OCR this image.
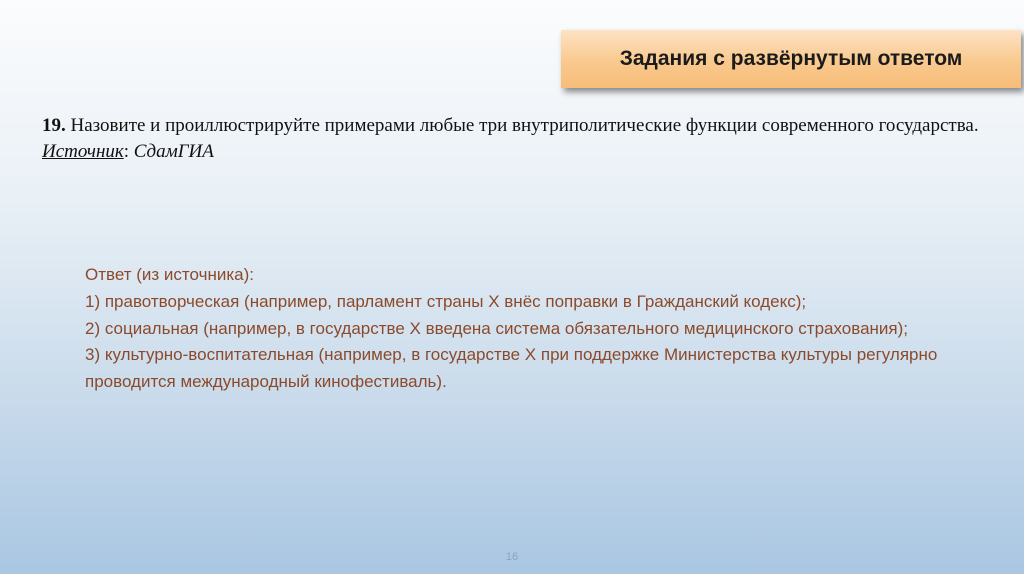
Задания с развёрнутым ответом
19. Назовите и проиллюстрируйте примерами любые три внутриполитические функции современного государства.
Источник: СдамГИА
Ответ (из источника):
1) правотворческая (например, парламент страны Х внёс поправки в Гражданский кодекс);
2) социальная (например, в государстве Х введена система обязательного медицинского страхования);
3) культурно-воспитательная (например, в государстве Х при поддержке Министерства культуры регулярно проводится международный кинофестиваль).
16
